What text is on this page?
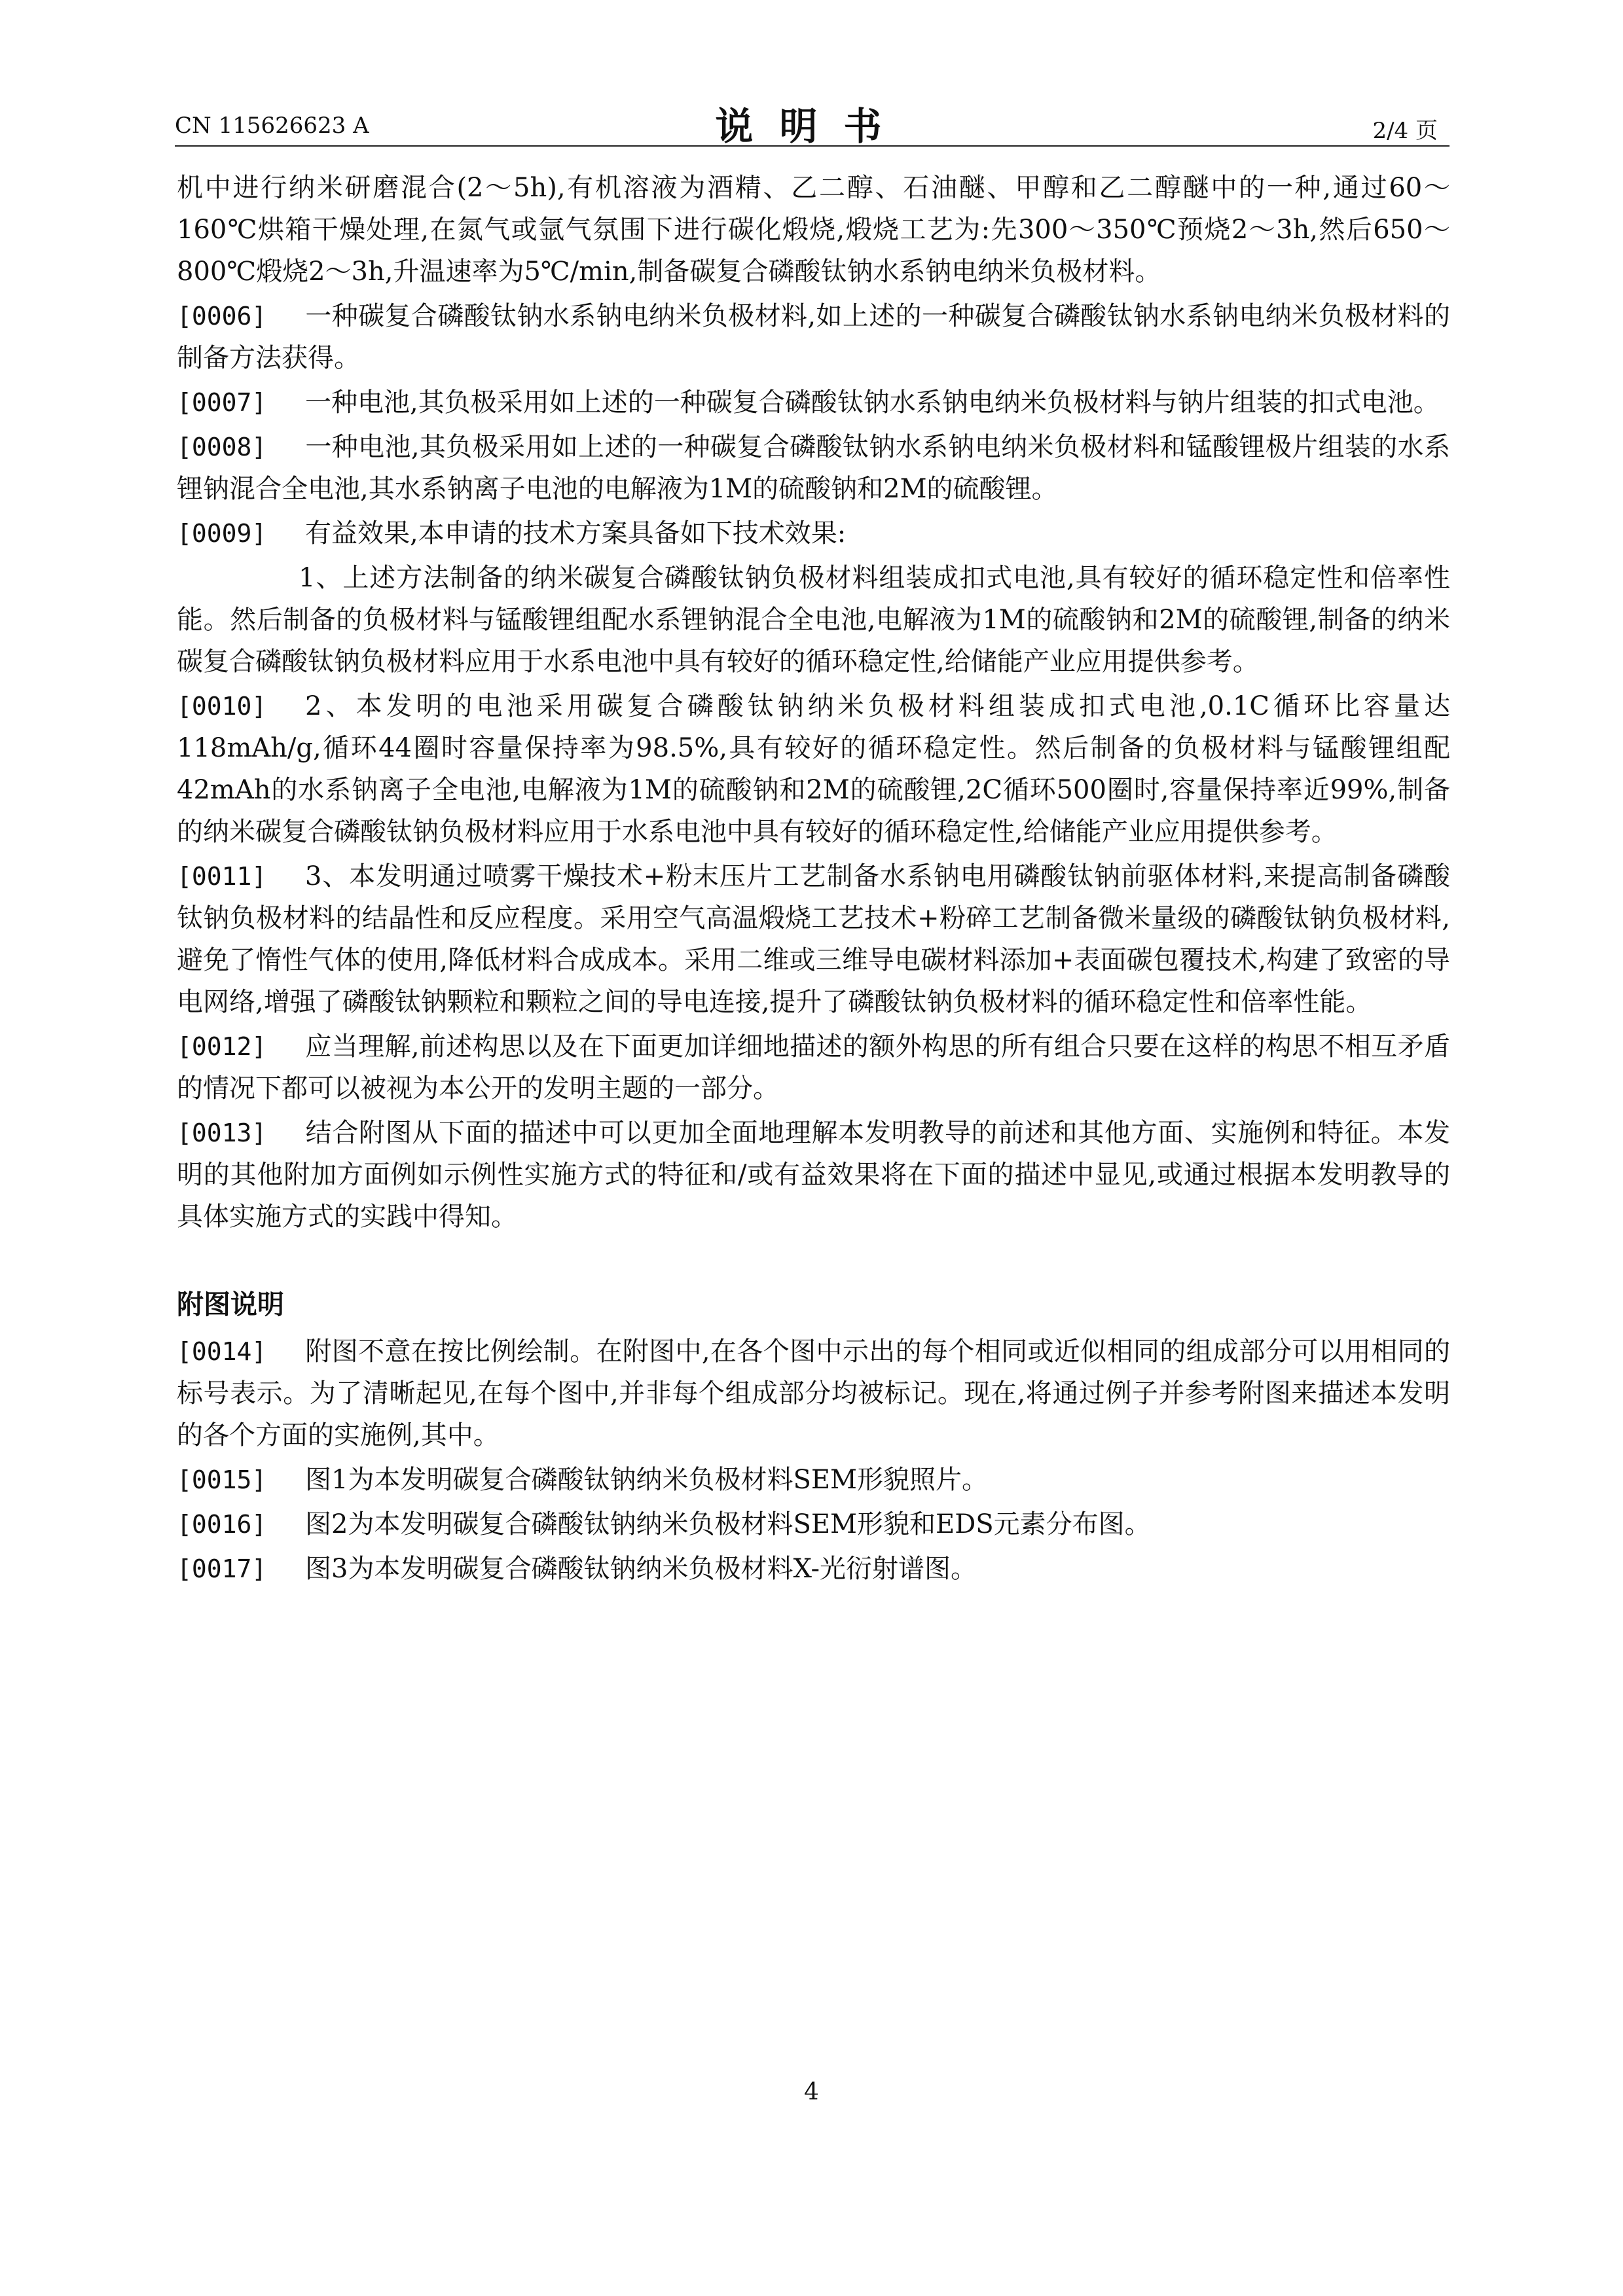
CN 115626623 A	说明书	2/4 页

机中进行纳米研磨混合(2～5h),有机溶液为酒精、乙二醇、石油醚、甲醇和乙二醇醚中的一种,通过60～160℃烘箱干燥处理,在氮气或氩气氛围下进行碳化煅烧,煅烧工艺为:先300～350℃预烧2～3h,然后650～800℃煅烧2～3h,升温速率为5℃/min,制备碳复合磷酸钛钠水系钠电纳米负极材料。

[0006] 一种碳复合磷酸钛钠水系钠电纳米负极材料,如上述的一种碳复合磷酸钛钠水系钠电纳米负极材料的制备方法获得。

[0007] 一种电池,其负极采用如上述的一种碳复合磷酸钛钠水系钠电纳米负极材料与钠片组装的扣式电池。

[0008] 一种电池,其负极采用如上述的一种碳复合磷酸钛钠水系钠电纳米负极材料和锰酸锂极片组装的水系锂钠混合全电池,其水系钠离子电池的电解液为1M的硫酸钠和2M的硫酸锂。

[0009] 有益效果,本申请的技术方案具备如下技术效果:

1、上述方法制备的纳米碳复合磷酸钛钠负极材料组装成扣式电池,具有较好的循环稳定性和倍率性能。然后制备的负极材料与锰酸锂组配水系锂钠混合全电池,电解液为1M的硫酸钠和2M的硫酸锂,制备的纳米碳复合磷酸钛钠负极材料应用于水系电池中具有较好的循环稳定性,给储能产业应用提供参考。

[0010] 2、本发明的电池采用碳复合磷酸钛钠纳米负极材料组装成扣式电池,0.1C循环比容量达118mAh/g,循环44圈时容量保持率为98.5%,具有较好的循环稳定性。然后制备的负极材料与锰酸锂组配42mAh的水系钠离子全电池,电解液为1M的硫酸钠和2M的硫酸锂,2C循环500圈时,容量保持率近99%,制备的纳米碳复合磷酸钛钠负极材料应用于水系电池中具有较好的循环稳定性,给储能产业应用提供参考。

[0011] 3、本发明通过喷雾干燥技术+粉末压片工艺制备水系钠电用磷酸钛钠前驱体材料,来提高制备磷酸钛钠负极材料的结晶性和反应程度。采用空气高温煅烧工艺技术+粉碎工艺制备微米量级的磷酸钛钠负极材料,避免了惰性气体的使用,降低材料合成成本。采用二维或三维导电碳材料添加+表面碳包覆技术,构建了致密的导电网络,增强了磷酸钛钠颗粒和颗粒之间的导电连接,提升了磷酸钛钠负极材料的循环稳定性和倍率性能。

[0012] 应当理解,前述构思以及在下面更加详细地描述的额外构思的所有组合只要在这样的构思不相互矛盾的情况下都可以被视为本公开的发明主题的一部分。

[0013] 结合附图从下面的描述中可以更加全面地理解本发明教导的前述和其他方面、实施例和特征。本发明的其他附加方面例如示例性实施方式的特征和/或有益效果将在下面的描述中显见,或通过根据本发明教导的具体实施方式的实践中得知。

附图说明

[0014] 附图不意在按比例绘制。在附图中,在各个图中示出的每个相同或近似相同的组成部分可以用相同的标号表示。为了清晰起见,在每个图中,并非每个组成部分均被标记。现在,将通过例子并参考附图来描述本发明的各个方面的实施例,其中。

[0015] 图1为本发明碳复合磷酸钛钠纳米负极材料SEM形貌照片。

[0016] 图2为本发明碳复合磷酸钛钠纳米负极材料SEM形貌和EDS元素分布图。

[0017] 图3为本发明碳复合磷酸钛钠纳米负极材料X-光衍射谱图。

4
